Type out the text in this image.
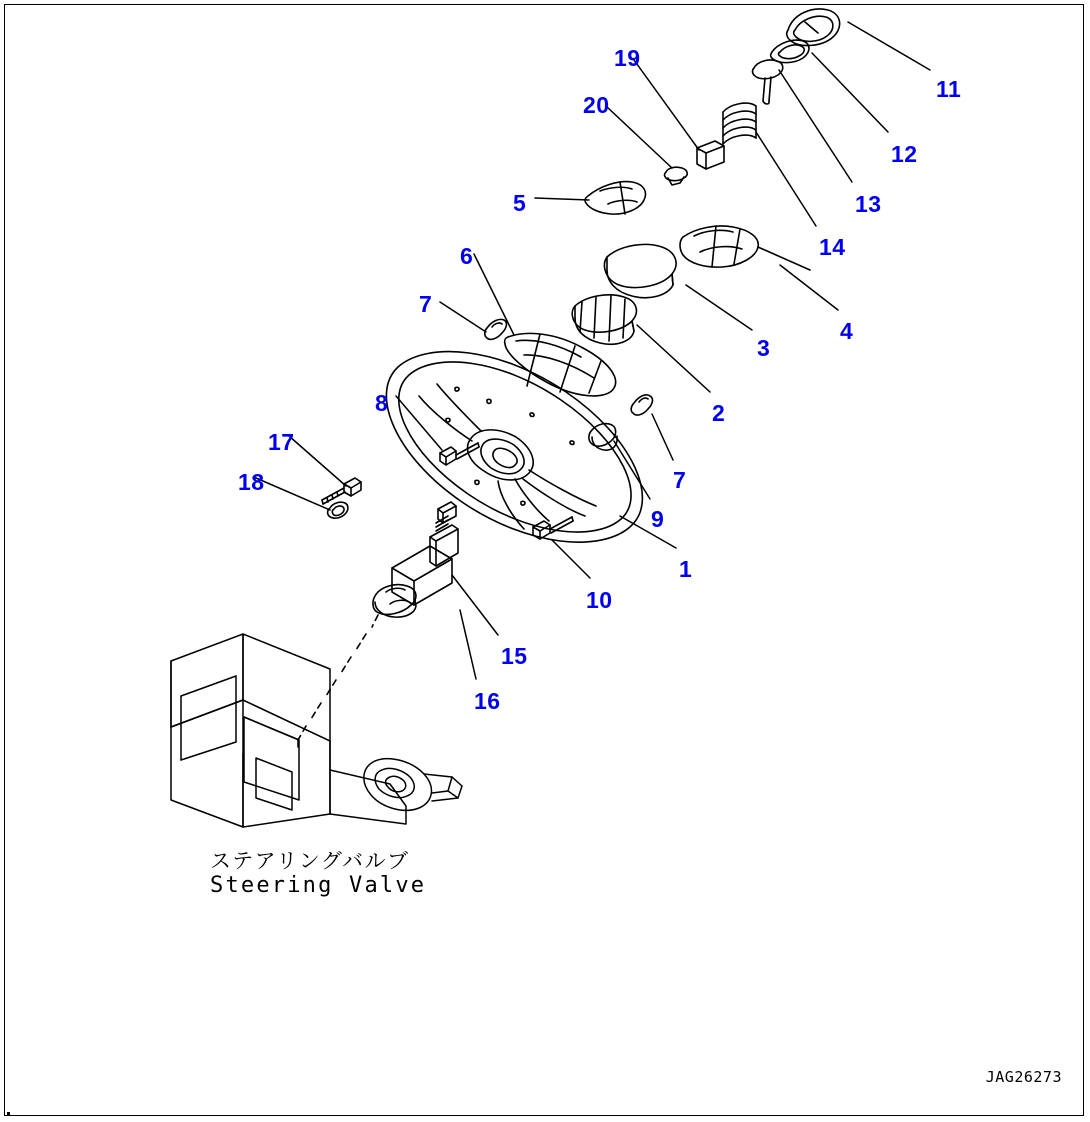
19
20
11
12
13
14
5
6
4
3
7
2
8
7
9
17
18
1
10
15
16
ステアリングバルブ
Steering Valve
JAG26273
